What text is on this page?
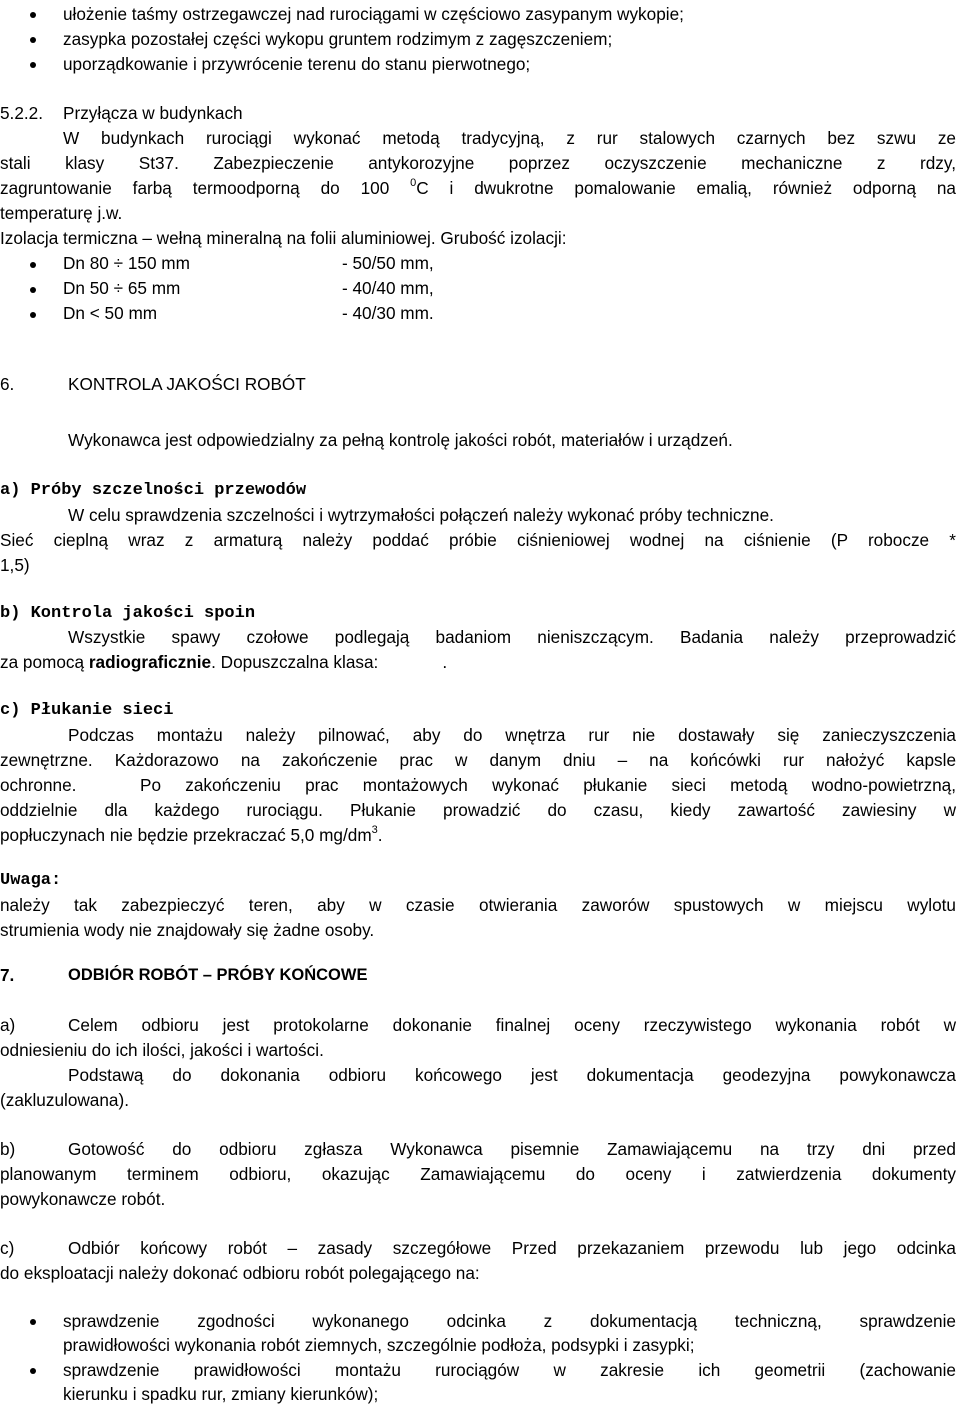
ułożenie taśmy ostrzegawczej nad rurociągami w częściowo zasypanym wykopie;
zasypka pozostałej części wykopu gruntem rodzimym z zagęszczeniem;
uporządkowanie i przywrócenie terenu do stanu pierwotnego;
5.2.2. Przyłącza w budynkach
W budynkach rurociągi wykonać metodą tradycyjną, z rur stalowych czarnych bez szwu ze
stali klasy St37. Zabezpieczenie antykorozyjne poprzez oczyszczenie mechaniczne z rdzy,
zagruntowanie farbą termoodporną do 100 $^0$C i dwukrotne pomalowanie emalią, również odporną na
temperaturę j.w.
Izolacja termiczna – wełną mineralną na folii aluminiowej. Grubość izolacji:
Dn 80 ÷ 150 mm	- 50/50 mm,
Dn 50 ÷ 65 mm	- 40/40 mm,
Dn < 50 mm	- 40/30 mm.
6.	KONTROLA JAKOŚCI ROBÓT
Wykonawca jest odpowiedzialny za pełną kontrolę jakości robót, materiałów i urządzeń.
a) Próby szczelności przewodów
W celu sprawdzenia szczelności i wytrzymałości połączeń należy wykonać próby techniczne.
Sieć cieplną wraz z armaturą należy poddać próbie ciśnieniowej wodnej na ciśnienie (P robocze *
1,5)
b) Kontrola jakości spoin
Wszystkie spawy czołowe podlegają badaniom nieniszczącym. Badania należy przeprowadzić
za pomocą radiograficznie. Dopuszczalna klasa:	.
c) Płukanie sieci
Podczas montażu należy pilnować, aby do wnętrza rur nie dostawały się zanieczyszczenia
zewnętrzne. Każdorazowo na zakończenie prac w danym dniu – na końcówki rur nałożyć kapsle
ochronne.	Po zakończeniu prac montażowych wykonać płukanie sieci metodą wodno-powietrzną,
oddzielnie dla każdego rurociągu. Płukanie prowadzić do czasu, kiedy zawartość zawiesiny w
popłuczynach nie będzie przekraczać 5,0 $mg/dm^3$.
Uwaga:
należy tak zabezpieczyć teren, aby w czasie otwierania zaworów spustowych w miejscu wylotu
strumienia wody nie znajdowały się żadne osoby.
7.	ODBIÓR ROBÓT – PRÓBY KOŃCOWE
a)	Celem odbioru jest protokolarne dokonanie finalnej oceny rzeczywistego wykonania robót w
odniesieniu do ich ilości, jakości i wartości.
Podstawą do dokonania odbioru końcowego jest dokumentacja geodezyjna powykonawcza
(zakluzulowana).
b)	Gotowość do odbioru zgłasza Wykonawca pisemnie Zamawiającemu na trzy dni przed
planowanym terminem odbioru, okazując Zamawiającemu do oceny i zatwierdzenia dokumenty
powykonawcze robót.
c)	Odbiór końcowy robót – zasady szczegółowe Przed przekazaniem przewodu lub jego odcinka
do eksploatacji należy dokonać odbioru robót polegającego na:
sprawdzenie zgodności wykonanego odcinka z dokumentacją techniczną, sprawdzenie
prawidłowości wykonania robót ziemnych, szczególnie podłoża, podsypki i zasypki;
sprawdzenie prawidłowości montażu rurociągów w zakresie ich geometrii (zachowanie
kierunku i spadku rur, zmiany kierunków);
